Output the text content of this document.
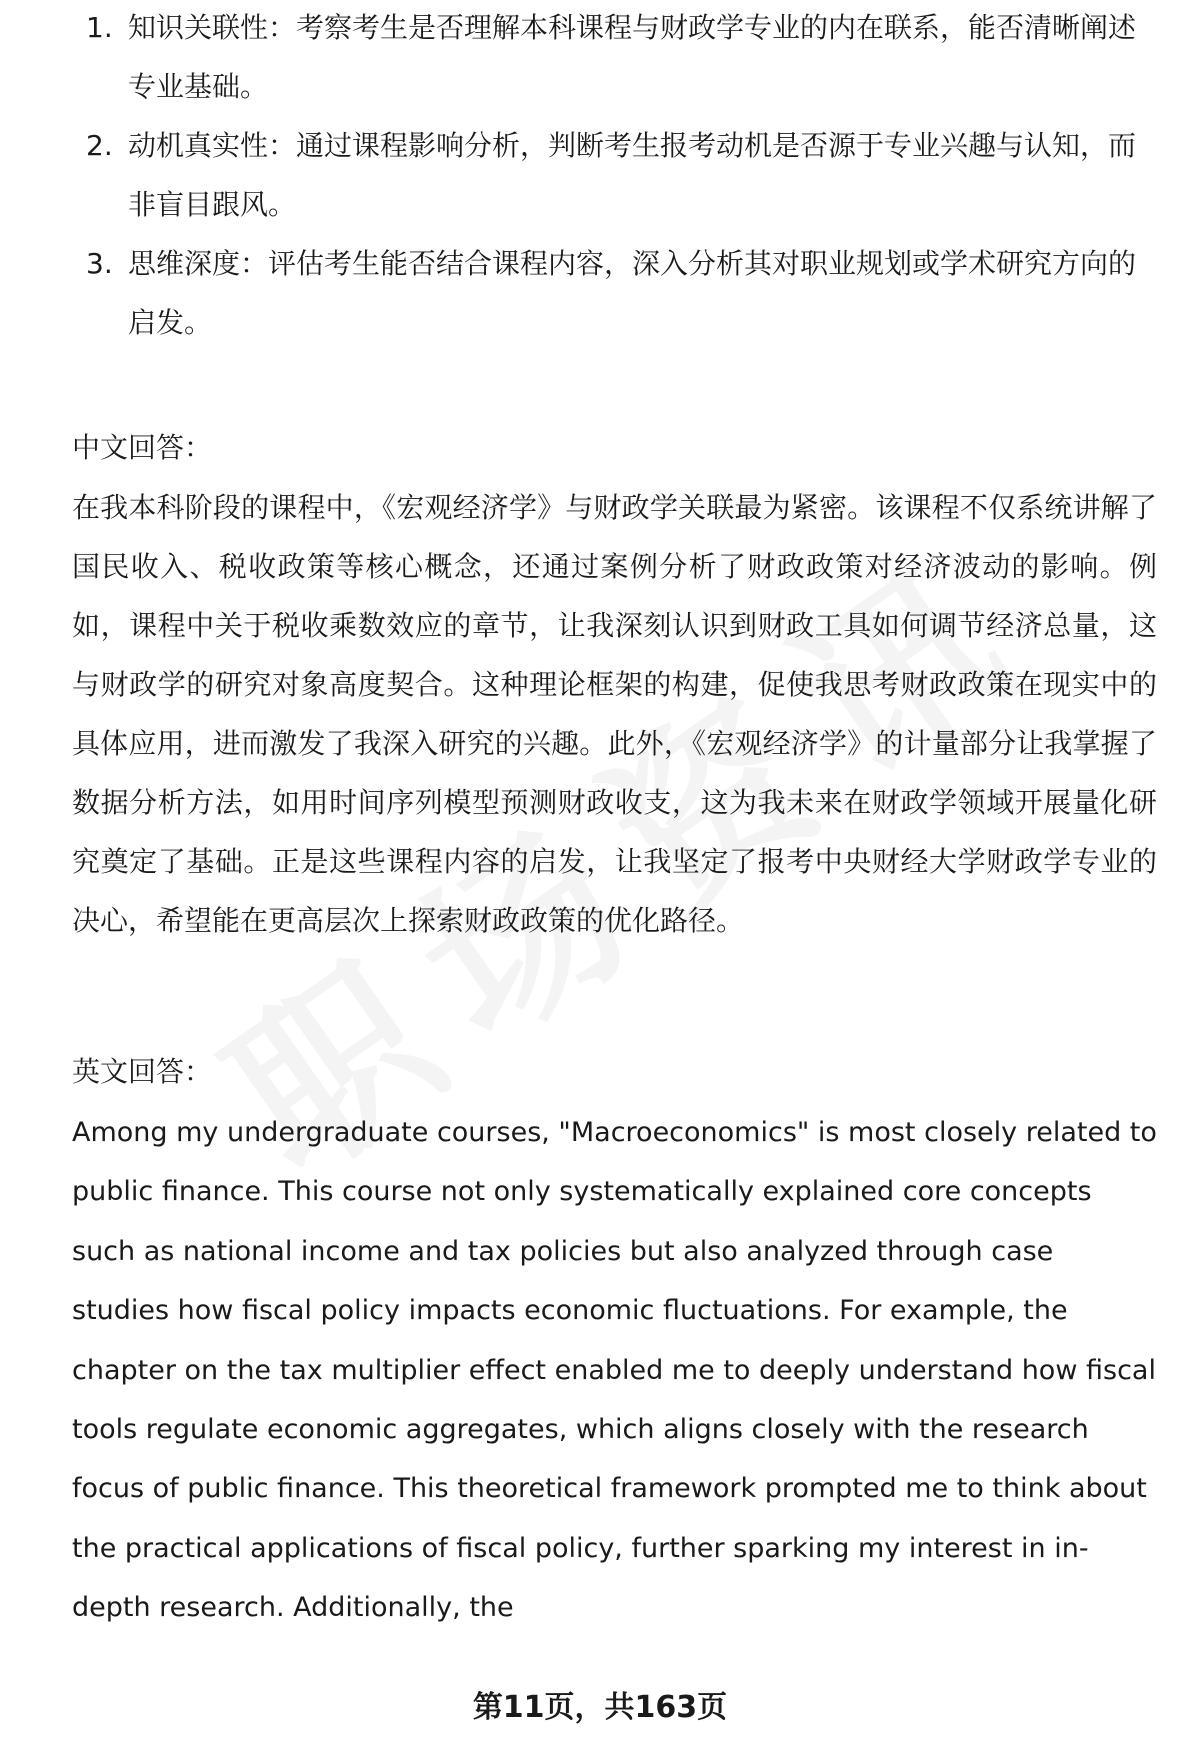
1. 知识关联性：考察考生是否理解本科课程与财政学专业的内在联系，能否清晰阐述专业基础。
2. 动机真实性：通过课程影响分析，判断考生报考动机是否源于专业兴趣与认知，而非盲目跟风。
3. 思维深度：评估考生能否结合课程内容，深入分析其对职业规划或学术研究方向的启发。
中文回答：

在我本科阶段的课程中，《宏观经济学》与财政学关联最为紧密。该课程不仅系统讲解了国民收入、税收政策等核心概念，还通过案例分析了财政政策对经济波动的影响。例如，课程中关于税收乘数效应的章节，让我深刻认识到财政工具如何调节经济总量，这与财政学的研究对象高度契合。这种理论框架的构建，促使我思考财政政策在现实中的具体应用，进而激发了我深入研究的兴趣。此外，《宏观经济学》的计量部分让我掌握了数据分析方法，如用时间序列模型预测财政收支，这为我未来在财政学领域开展量化研究奠定了基础。正是这些课程内容的启发，让我坚定了报考中央财经大学财政学专业的决心，希望能在更高层次上探索财政政策的优化路径。

英文回答：

Among my undergraduate courses, "Macroeconomics" is most closely related to public finance. This course not only systematically explained core concepts such as national income and tax policies but also analyzed through case studies how fiscal policy impacts economic fluctuations. For example, the chapter on the tax multiplier effect enabled me to deeply understand how fiscal tools regulate economic aggregates, which aligns closely with the research focus of public finance. This theoretical framework prompted me to think about the practical applications of fiscal policy, further sparking my interest in in-depth research. Additionally, the

第11页，共163页
